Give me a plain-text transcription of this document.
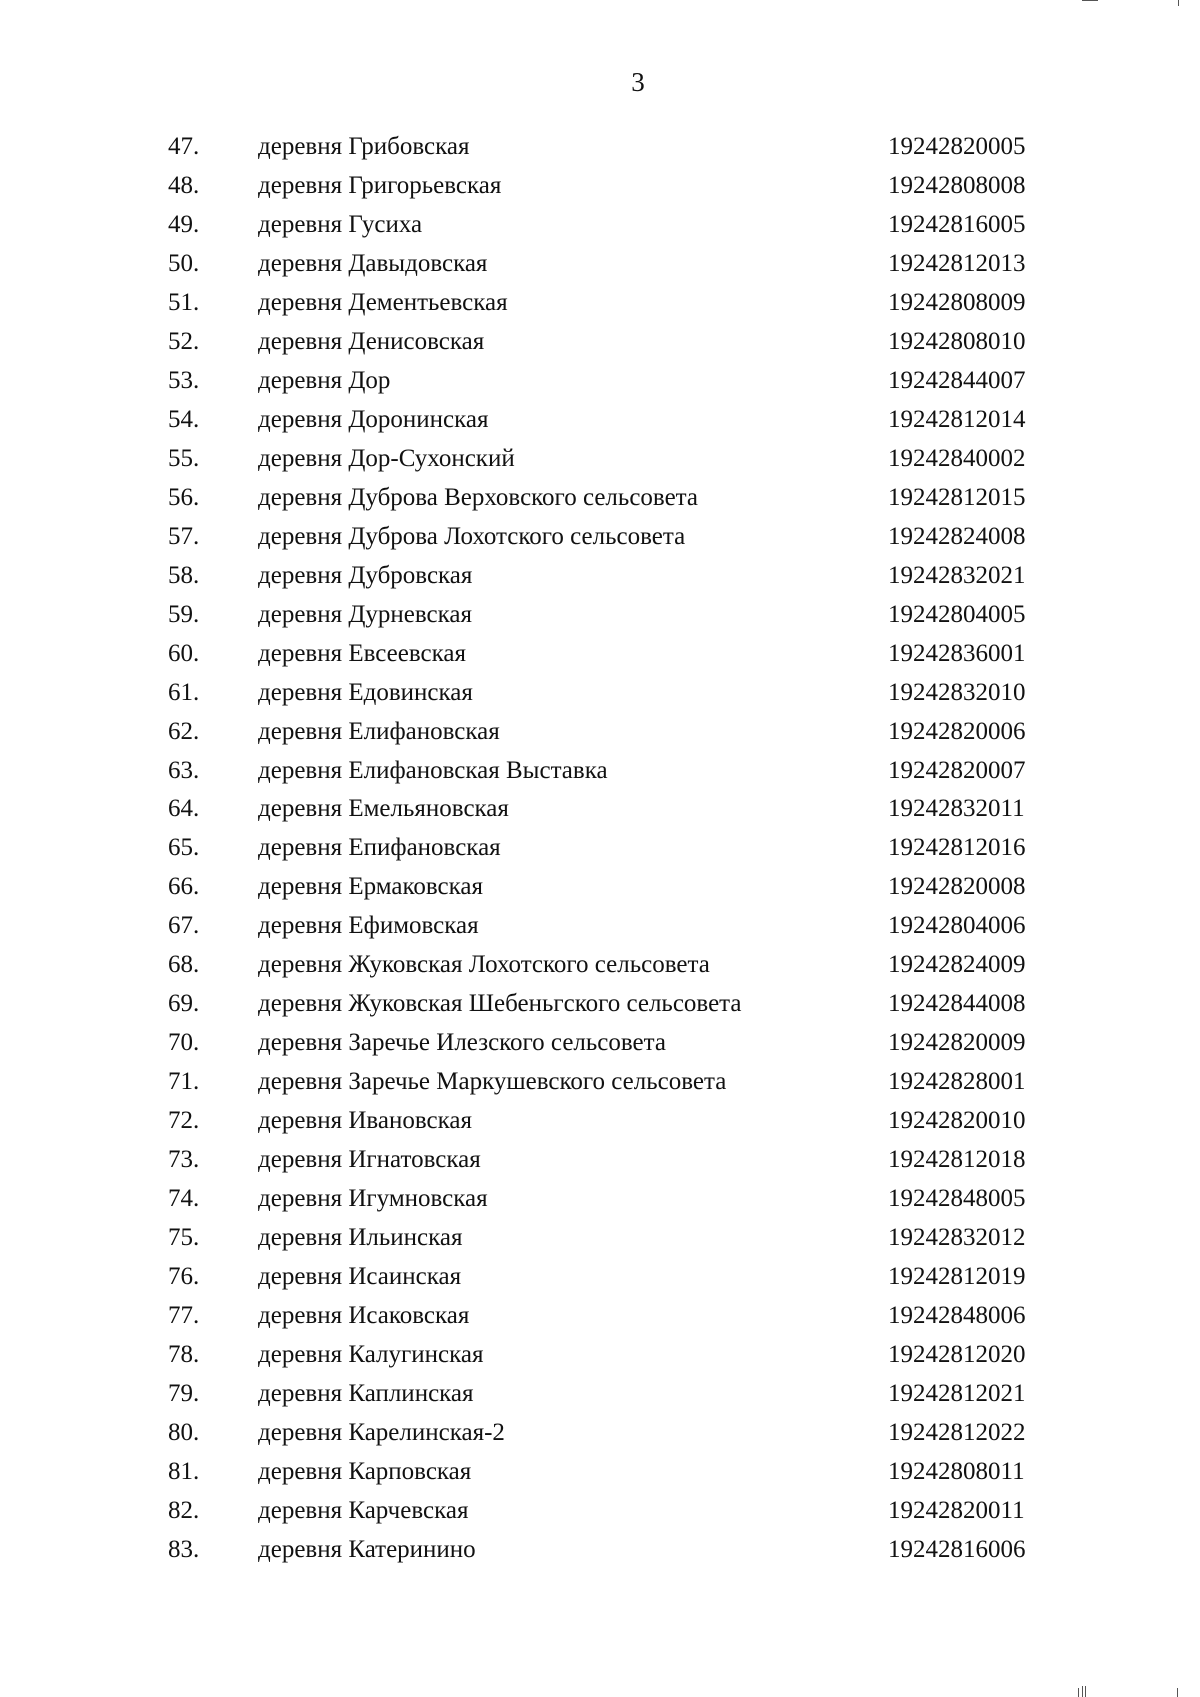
3
47. деревня Грибовская	19242820005
48. деревня Григорьевская	19242808008
49. деревня Гусиха	19242816005
50. деревня Давыдовская	19242812013
51. деревня Дементьевская	19242808009
52. деревня Денисовская	19242808010
53. деревня Дор	19242844007
54. деревня Доронинская	19242812014
55. деревня Дор-Сухонский	19242840002
56. деревня Дуброва Верховского сельсовета	19242812015
57. деревня Дуброва Лохотского сельсовета	19242824008
58. деревня Дубровская	19242832021
59. деревня Дурневская	19242804005
60. деревня Евсеевская	19242836001
61. деревня Едовинская	19242832010
62. деревня Елифановская	19242820006
63. деревня Елифановская Выставка	19242820007
64. деревня Емельяновская	19242832011
65. деревня Епифановская	19242812016
66. деревня Ермаковская	19242820008
67. деревня Ефимовская	19242804006
68. деревня Жуковская Лохотского сельсовета	19242824009
69. деревня Жуковская Шебеньгского сельсовета	19242844008
70. деревня Заречье Илезского сельсовета	19242820009
71. деревня Заречье Маркушевского сельсовета	19242828001
72. деревня Ивановская	19242820010
73. деревня Игнатовская	19242812018
74. деревня Игумновская	19242848005
75. деревня Ильинская	19242832012
76. деревня Исаинская	19242812019
77. деревня Исаковская	19242848006
78. деревня Калугинская	19242812020
79. деревня Каплинская	19242812021
80. деревня Карелинская-2	19242812022
81. деревня Карповская	19242808011
82. деревня Карчевская	19242820011
83. деревня Катеринино	19242816006
